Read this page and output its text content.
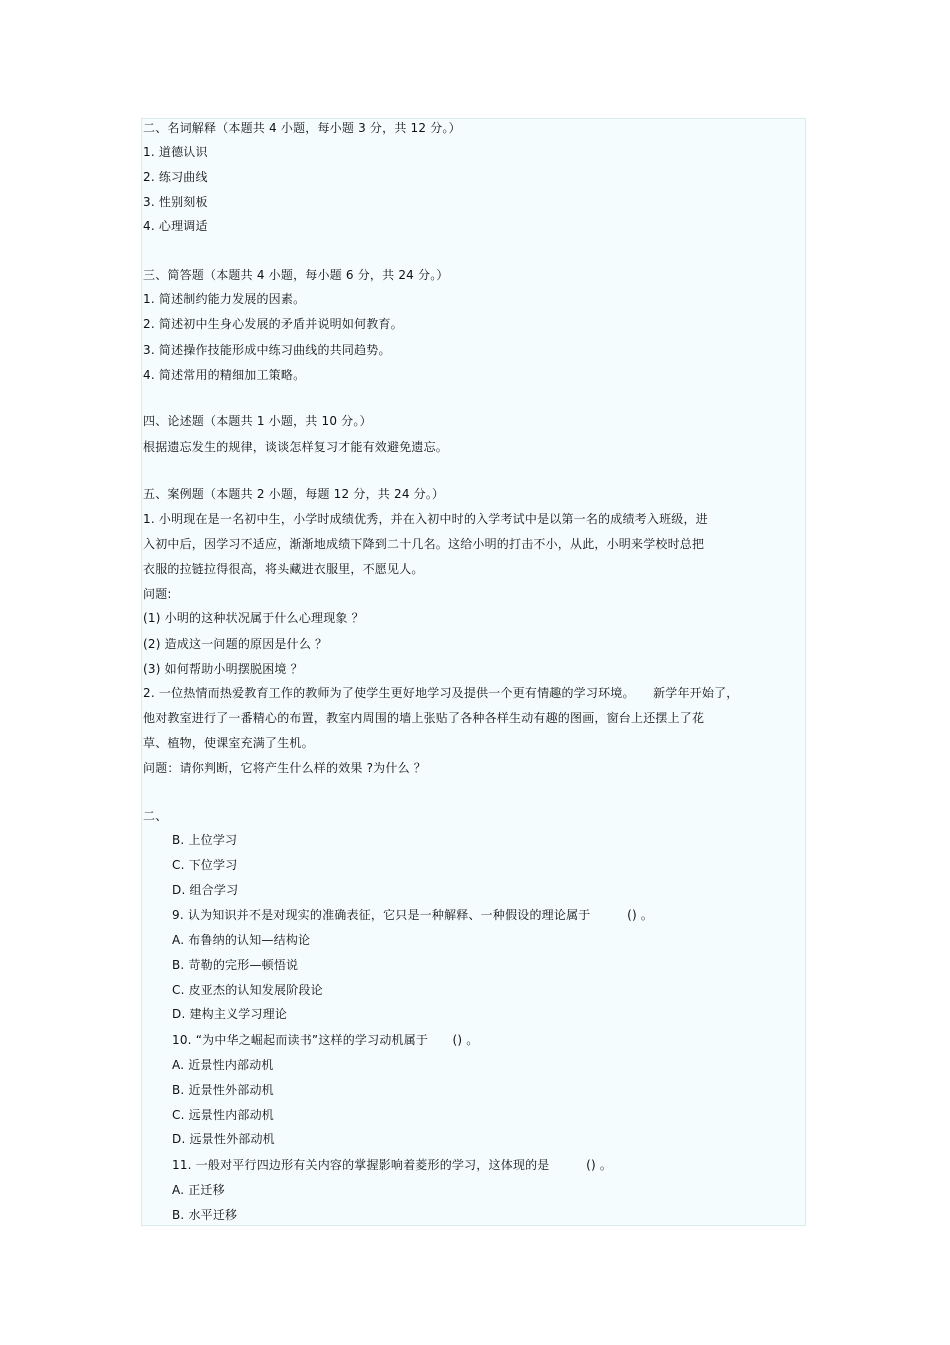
二、名词解释（本题共 4 小题，每小题 3 分，共 12 分。）
1. 道德认识
2. 练习曲线
3. 性别刻板
4. 心理调适
三、简答题（本题共 4 小题，每小题 6 分，共 24 分。）
1. 简述制约能力发展的因素。
2. 简述初中生身心发展的矛盾并说明如何教育。
3. 简述操作技能形成中练习曲线的共同趋势。
4. 简述常用的精细加工策略。
四、论述题（本题共 1 小题，共 10 分。）
根据遗忘发生的规律，谈谈怎样复习才能有效避免遗忘。
五、案例题（本题共 2 小题，每题 12 分，共 24 分。）
1. 小明现在是一名初中生，小学时成绩优秀，并在入初中时的入学考试中是以第一名的成绩考入班级，进
入初中后，因学习不适应，渐渐地成绩下降到二十几名。这给小明的打击不小，从此，小明来学校时总把
衣服的拉链拉得很高，将头藏进衣服里，不愿见人。
问题:
(1) 小明的这种状况属于什么心理现象 ？
(2) 造成这一问题的原因是什么 ？
(3) 如何帮助小明摆脱困境 ？
2. 一位热情而热爱教育工作的教师为了使学生更好地学习及提供一个更有情趣的学习环境。　　新学年开始了，
他对教室进行了一番精心的布置，教室内周围的墙上张贴了各种各样生动有趣的图画，窗台上还摆上了花
草、植物，使课室充满了生机。
问题：请你判断，它将产生什么样的效果 ?为什么 ？
二、
B. 上位学习
C. 下位学习
D. 组合学习
9. 认为知识并不是对现实的准确表征，它只是一种解释、一种假设的理论属于　　　() 。
A. 布鲁纳的认知—结构论
B. 苛勒的完形—顿悟说
C. 皮亚杰的认知发展阶段论
D. 建构主义学习理论
10. “为中华之崛起而读书”这样的学习动机属于　　() 。
A. 近景性内部动机
B. 近景性外部动机
C. 远景性内部动机
D. 远景性外部动机
11. 一般对平行四边形有关内容的掌握影响着菱形的学习，这体现的是　　　() 。
A. 正迁移
B. 水平迁移
